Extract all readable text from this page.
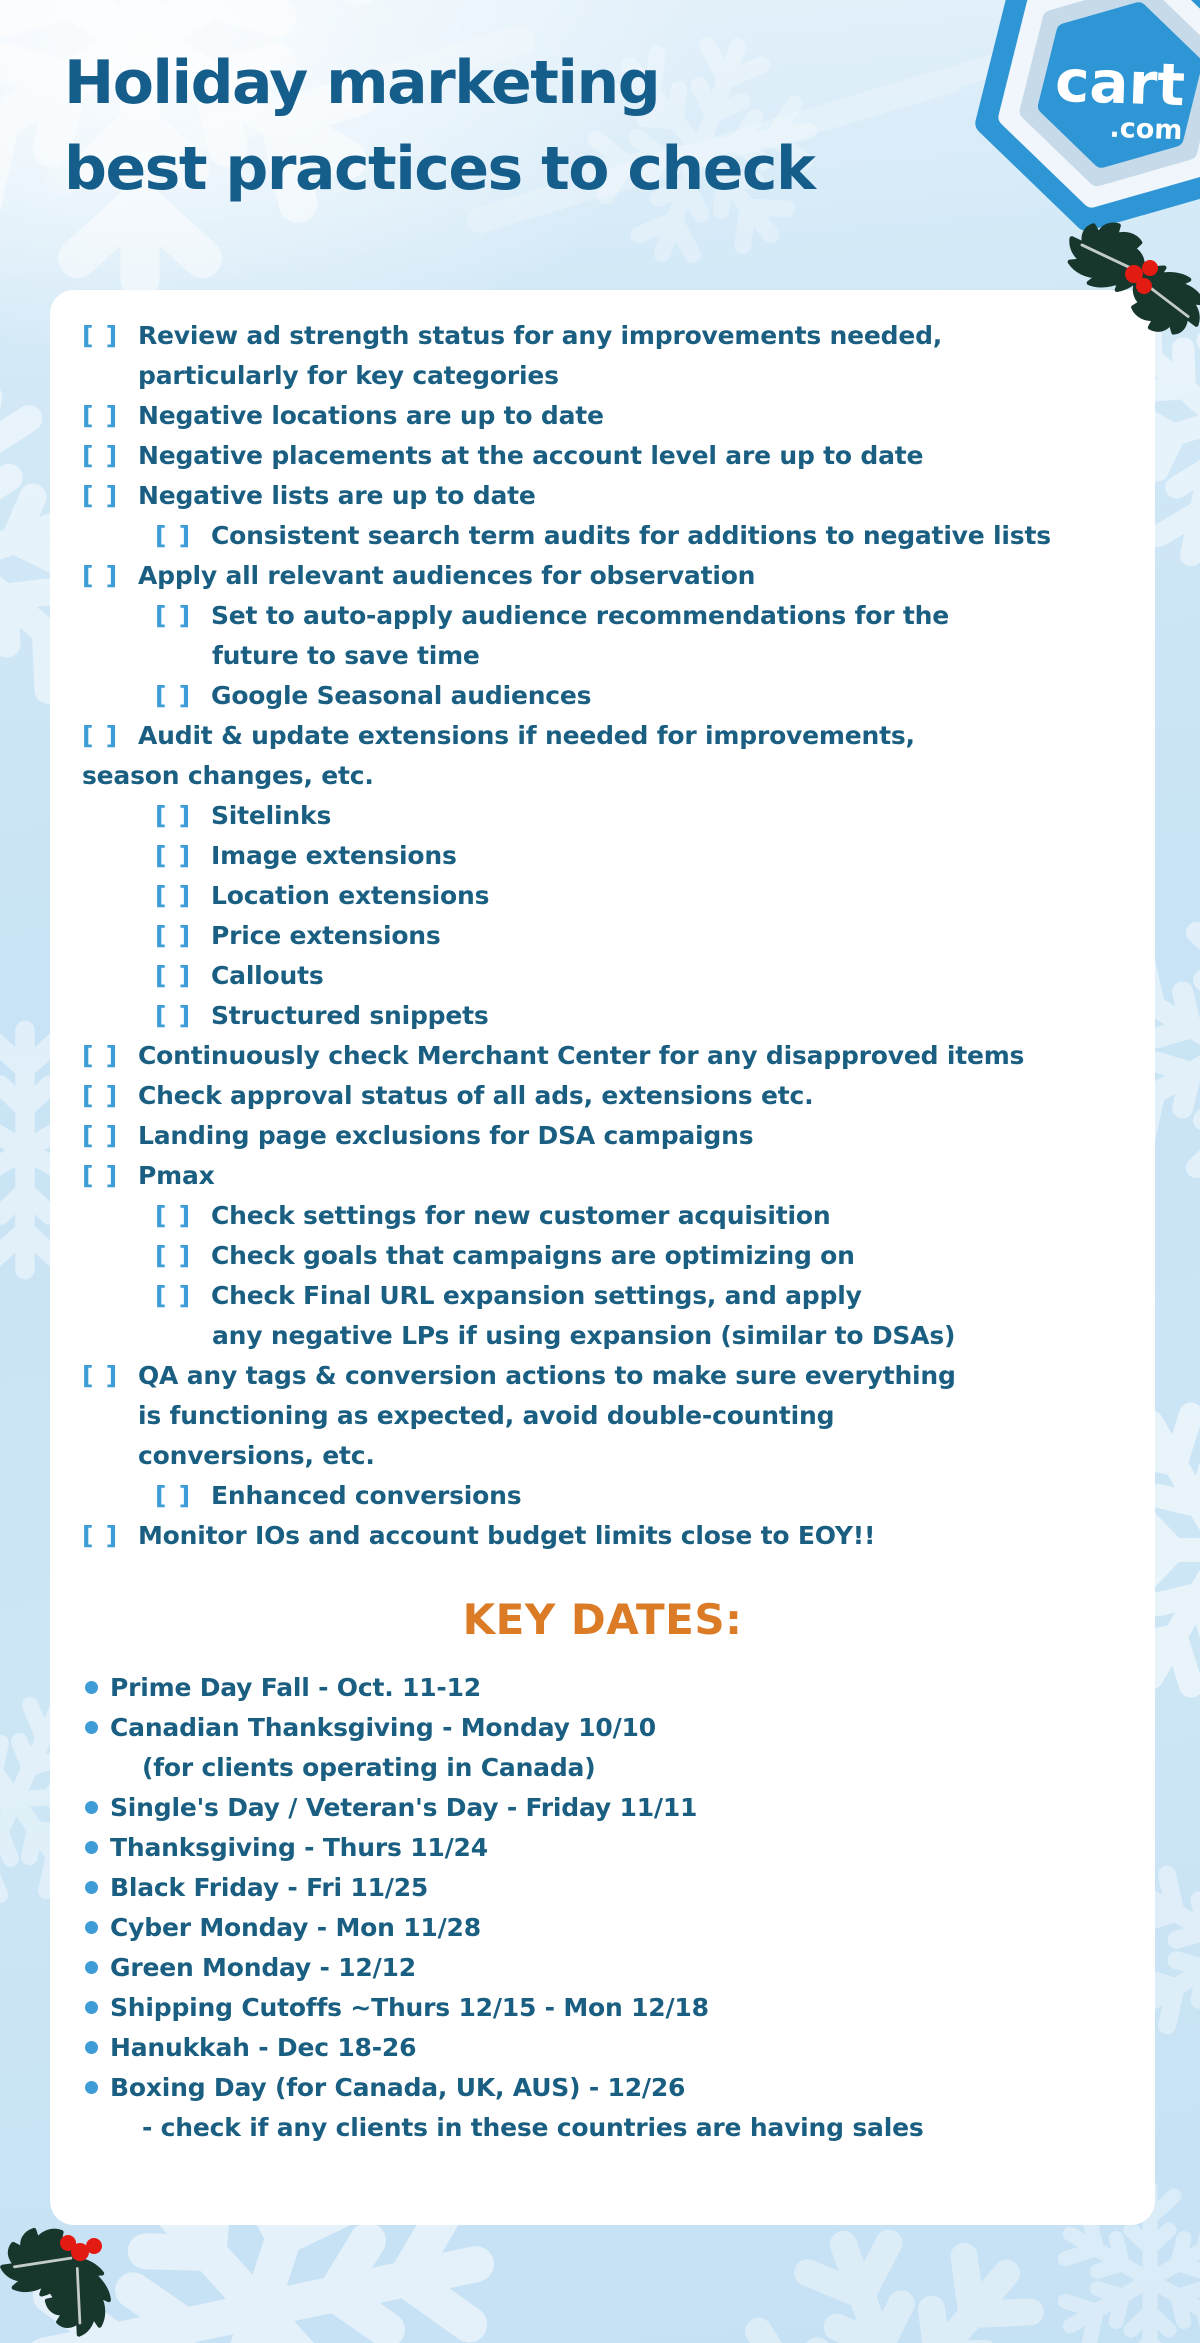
Holiday marketing
best practices to check
cart
.com
[ ] Review ad strength status for any improvements needed,
particularly for key categories
[ ] Negative locations are up to date
[ ] Negative placements at the account level are up to date
[ ] Negative lists are up to date
[ ] Consistent search term audits for additions to negative lists
[ ] Apply all relevant audiences for observation
[ ] Set to auto-apply audience recommendations for the
future to save time
[ ] Google Seasonal audiences
[ ] Audit & update extensions if needed for improvements,
season changes, etc.
[ ] Sitelinks
[ ] Image extensions
[ ] Location extensions
[ ] Price extensions
[ ] Callouts
[ ] Structured snippets
[ ] Continuously check Merchant Center for any disapproved items
[ ] Check approval status of all ads, extensions etc.
[ ] Landing page exclusions for DSA campaigns
[ ] Pmax
[ ] Check settings for new customer acquisition
[ ] Check goals that campaigns are optimizing on
[ ] Check Final URL expansion settings, and apply
any negative LPs if using expansion (similar to DSAs)
[ ] QA any tags & conversion actions to make sure everything
is functioning as expected, avoid double-counting
conversions, etc.
[ ] Enhanced conversions
[ ] Monitor IOs and account budget limits close to EOY!!
KEY DATES:
Prime Day Fall - Oct. 11-12
Canadian Thanksgiving - Monday 10/10
(for clients operating in Canada)
Single's Day / Veteran's Day - Friday 11/11
Thanksgiving - Thurs 11/24
Black Friday - Fri 11/25
Cyber Monday - Mon 11/28
Green Monday - 12/12
Shipping Cutoffs ~Thurs 12/15 - Mon 12/18
Hanukkah - Dec 18-26
Boxing Day (for Canada, UK, AUS) - 12/26
- check if any clients in these countries are having sales
